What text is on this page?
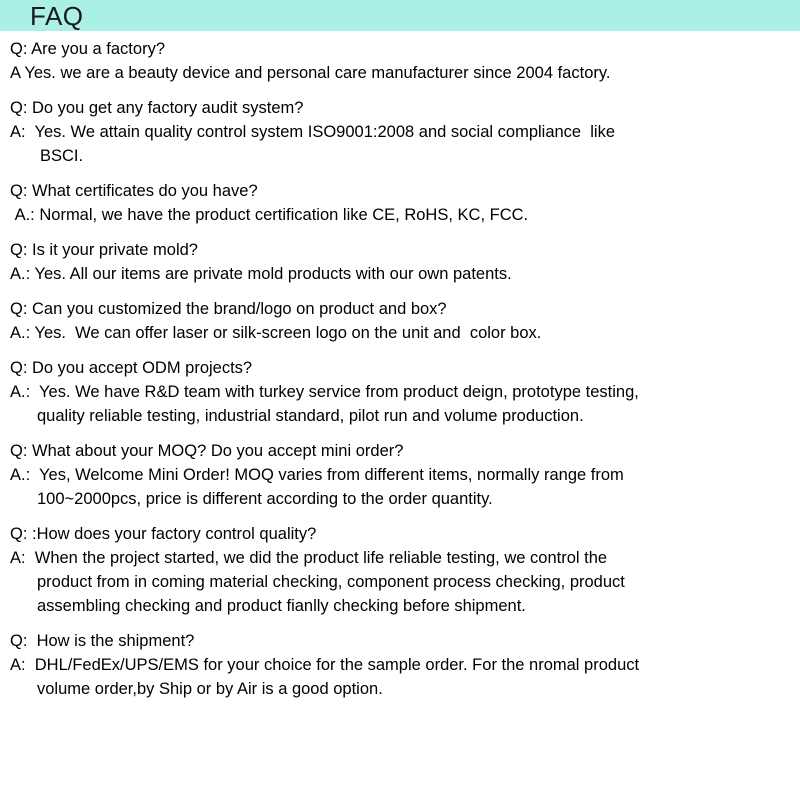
FAQ
Q: Are you a factory?
A Yes. we are a beauty device and personal care manufacturer since 2004 factory.
Q: Do you get any factory audit system?
A:  Yes. We attain quality control system ISO9001:2008 and social compliance  like
BSCI.
Q: What certificates do you have?
A.: Normal, we have the product certification like CE, RoHS, KC, FCC.
Q: Is it your private mold?
A.: Yes. All our items are private mold products with our own patents.
Q: Can you customized the brand/logo on product and box?
A.: Yes.  We can offer laser or silk-screen logo on the unit and  color box.
Q: Do you accept ODM projects?
A.:  Yes. We have R&D team with turkey service from product deign, prototype testing,
quality reliable testing, industrial standard, pilot run and volume production.
Q: What about your MOQ? Do you accept mini order?
A.:  Yes, Welcome Mini Order! MOQ varies from different items, normally range from
100~2000pcs, price is different according to the order quantity.
Q: :How does your factory control quality?
A:  When the project started, we did the product life reliable testing, we control the
product from in coming material checking, component process checking, product
assembling checking and product fianlly checking before shipment.
Q:  How is the shipment?
A:  DHL/FedEx/UPS/EMS for your choice for the sample order. For the nromal product
volume order,by Ship or by Air is a good option.
